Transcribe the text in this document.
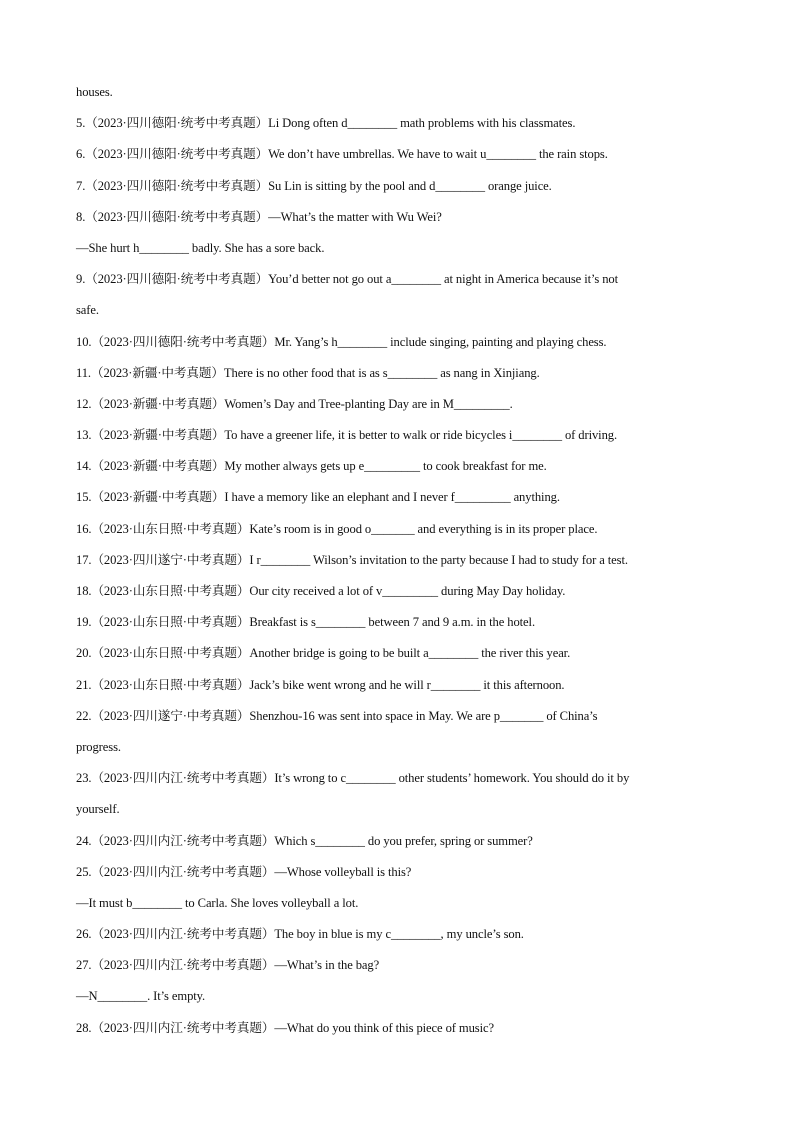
houses.
5.（2023·四川德阳·统考中考真题）Li Dong often d________ math problems with his classmates.
6.（2023·四川德阳·统考中考真题）We don’t have umbrellas. We have to wait u________ the rain stops.
7.（2023·四川德阳·统考中考真题）Su Lin is sitting by the pool and d________ orange juice.
8.（2023·四川德阳·统考中考真题）—What’s the matter with Wu Wei?
—She hurt h________ badly. She has a sore back.
9.（2023·四川德阳·统考中考真题）You’d better not go out a________ at night in America because it’s not
safe.
10.（2023·四川德阳·统考中考真题）Mr. Yang’s h________ include singing, painting and playing chess.
11.（2023·新疆·中考真题）There is no other food that is as s________ as nang in Xinjiang.
12.（2023·新疆·中考真题）Women’s Day and Tree-planting Day are in M_________.
13.（2023·新疆·中考真题）To have a greener life, it is better to walk or ride bicycles i________ of driving.
14.（2023·新疆·中考真题）My mother always gets up e_________ to cook breakfast for me.
15.（2023·新疆·中考真题）I have a memory like an elephant and I never f_________ anything.
16.（2023·山东日照·中考真题）Kate’s room is in good o_______ and everything is in its proper place.
17.（2023·四川遂宁·中考真题）I r________ Wilson’s invitation to the party because I had to study for a test.
18.（2023·山东日照·中考真题）Our city received a lot of v_________ during May Day holiday.
19.（2023·山东日照·中考真题）Breakfast is s________ between 7 and 9 a.m. in the hotel.
20.（2023·山东日照·中考真题）Another bridge is going to be built a________ the river this year.
21.（2023·山东日照·中考真题）Jack’s bike went wrong and he will r________ it this afternoon.
22.（2023·四川遂宁·中考真题）Shenzhou-16 was sent into space in May. We are p_______ of China’s
progress.
23.（2023·四川内江·统考中考真题）It’s wrong to c________ other students’ homework. You should do it by
yourself.
24.（2023·四川内江·统考中考真题）Which s________ do you prefer, spring or summer?
25.（2023·四川内江·统考中考真题）—Whose volleyball is this?
—It must b________ to Carla. She loves volleyball a lot.
26.（2023·四川内江·统考中考真题）The boy in blue is my c________, my uncle’s son.
27.（2023·四川内江·统考中考真题）—What’s in the bag?
—N________. It’s empty.
28.（2023·四川内江·统考中考真题）—What do you think of this piece of music?
